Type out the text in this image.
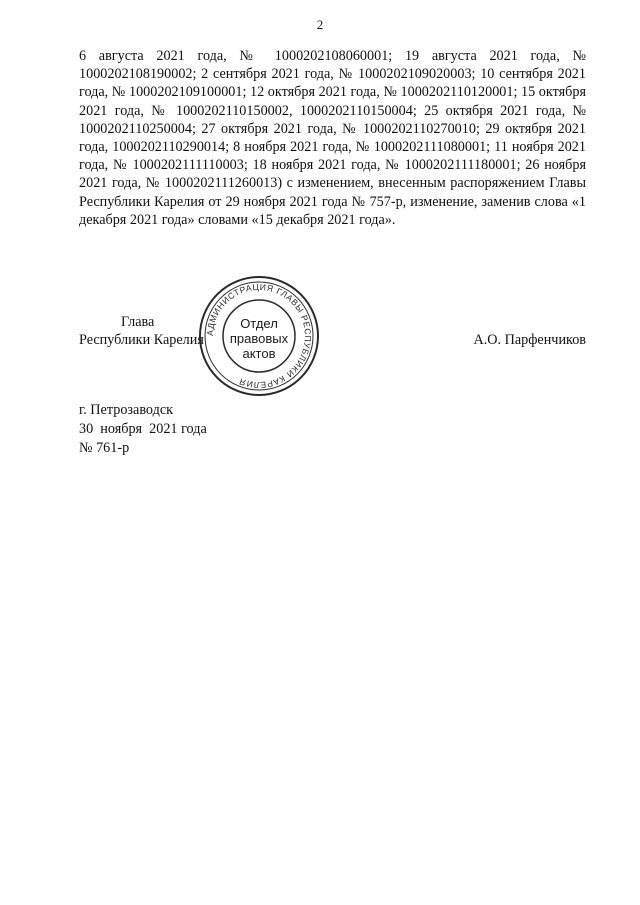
2
6 августа 2021 года, № 1000202108060001; 19 августа 2021 года, № 1000202108190002; 2 сентября 2021 года, № 1000202109020003; 10 сентября 2021 года, № 1000202109100001; 12 октября 2021 года, № 1000202110120001; 15 октября 2021 года, № 1000202110150002, 1000202110150004; 25 октября 2021 года, № 1000202110250004; 27 октября 2021 года, № 1000202110270010; 29 октября 2021 года, 1000202110290014; 8 ноября 2021 года, № 1000202111080001; 11 ноября 2021 года, № 1000202111110003; 18 ноября 2021 года, № 1000202111180001; 26 ноября 2021 года, № 1000202111260013) с изменением, внесенным распоряжением Главы Республики Карелия от 29 ноября 2021 года № 757-р, изменение, заменив слова «1 декабря 2021 года» словами «15 декабря 2021 года».
Глава
Республики Карелия	А.О. Парфенчиков
АДМИНИСТРАЦИЯ ГЛАВЫ РЕСПУБЛИКИ КАРЕЛИЯ
Отдел
правовых
актов
г. Петрозаводск
30  ноября  2021 года
№ 761-р
